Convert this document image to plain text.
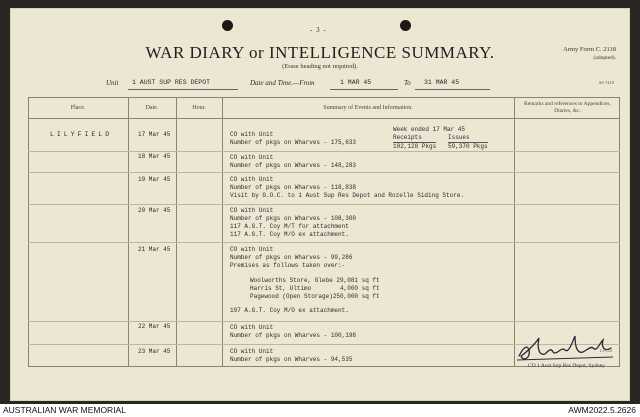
- 3 -
WAR DIARY or INTELLIGENCE SUMMARY.
(Erase heading not required).
Army Form C. 2118
(adopted).
Unit 1 AUST SUP RES DEPOT	Date and Time.—From	1 MAR 45	To 31 MAR 45	SS 7410
Place.	Date.	Hour.	Summary of Events and Information.
Remarks and references to Appendices, Diaries, &c.
LILYFIELD	17 Mar 45	CO with Unit
Number of pkgs on Wharves - 175,633
Week ended 17 Mar 45
Receipts	Issues
102,128 Pkgs 59,370 Pkgs
18 Mar 45	CO with Unit
Number of pkgs on Wharves - 148,283
19 Mar 45	CO with Unit
Number of pkgs on Wharves - 118,838
Visit by G.O.C. to 1 Aust Sup Res Depot and Rozelle Siding Store.
20 Mar 45	CO with Unit
Number of pkgs on Wharves - 108,300
117 A.G.T. Coy M/T for attachment
117 A.G.T. Coy M/O ex attachment.
21 Mar 45	CO with Unit
Number of pkgs on Wharves - 99,286
Premises as follows taken over:-
Woolworths Store, Glebe 29,081 sq ft
Harris St, Ultimo        4,000 sq ft
Pagewood (Open Storage)250,000 sq ft
197 A.G.T. Coy M/O ex attachment.
22 Mar 45	CO with Unit
Number of pkgs on Wharves - 100,198
23 Mar 45	CO with Unit
Number of pkgs on Wharves - 94,535
Lt-Col
CO 1 Aust Sup Res Depot, Sydney
AUSTRALIAN WAR MEMORIAL	AWM2022.5.2626
